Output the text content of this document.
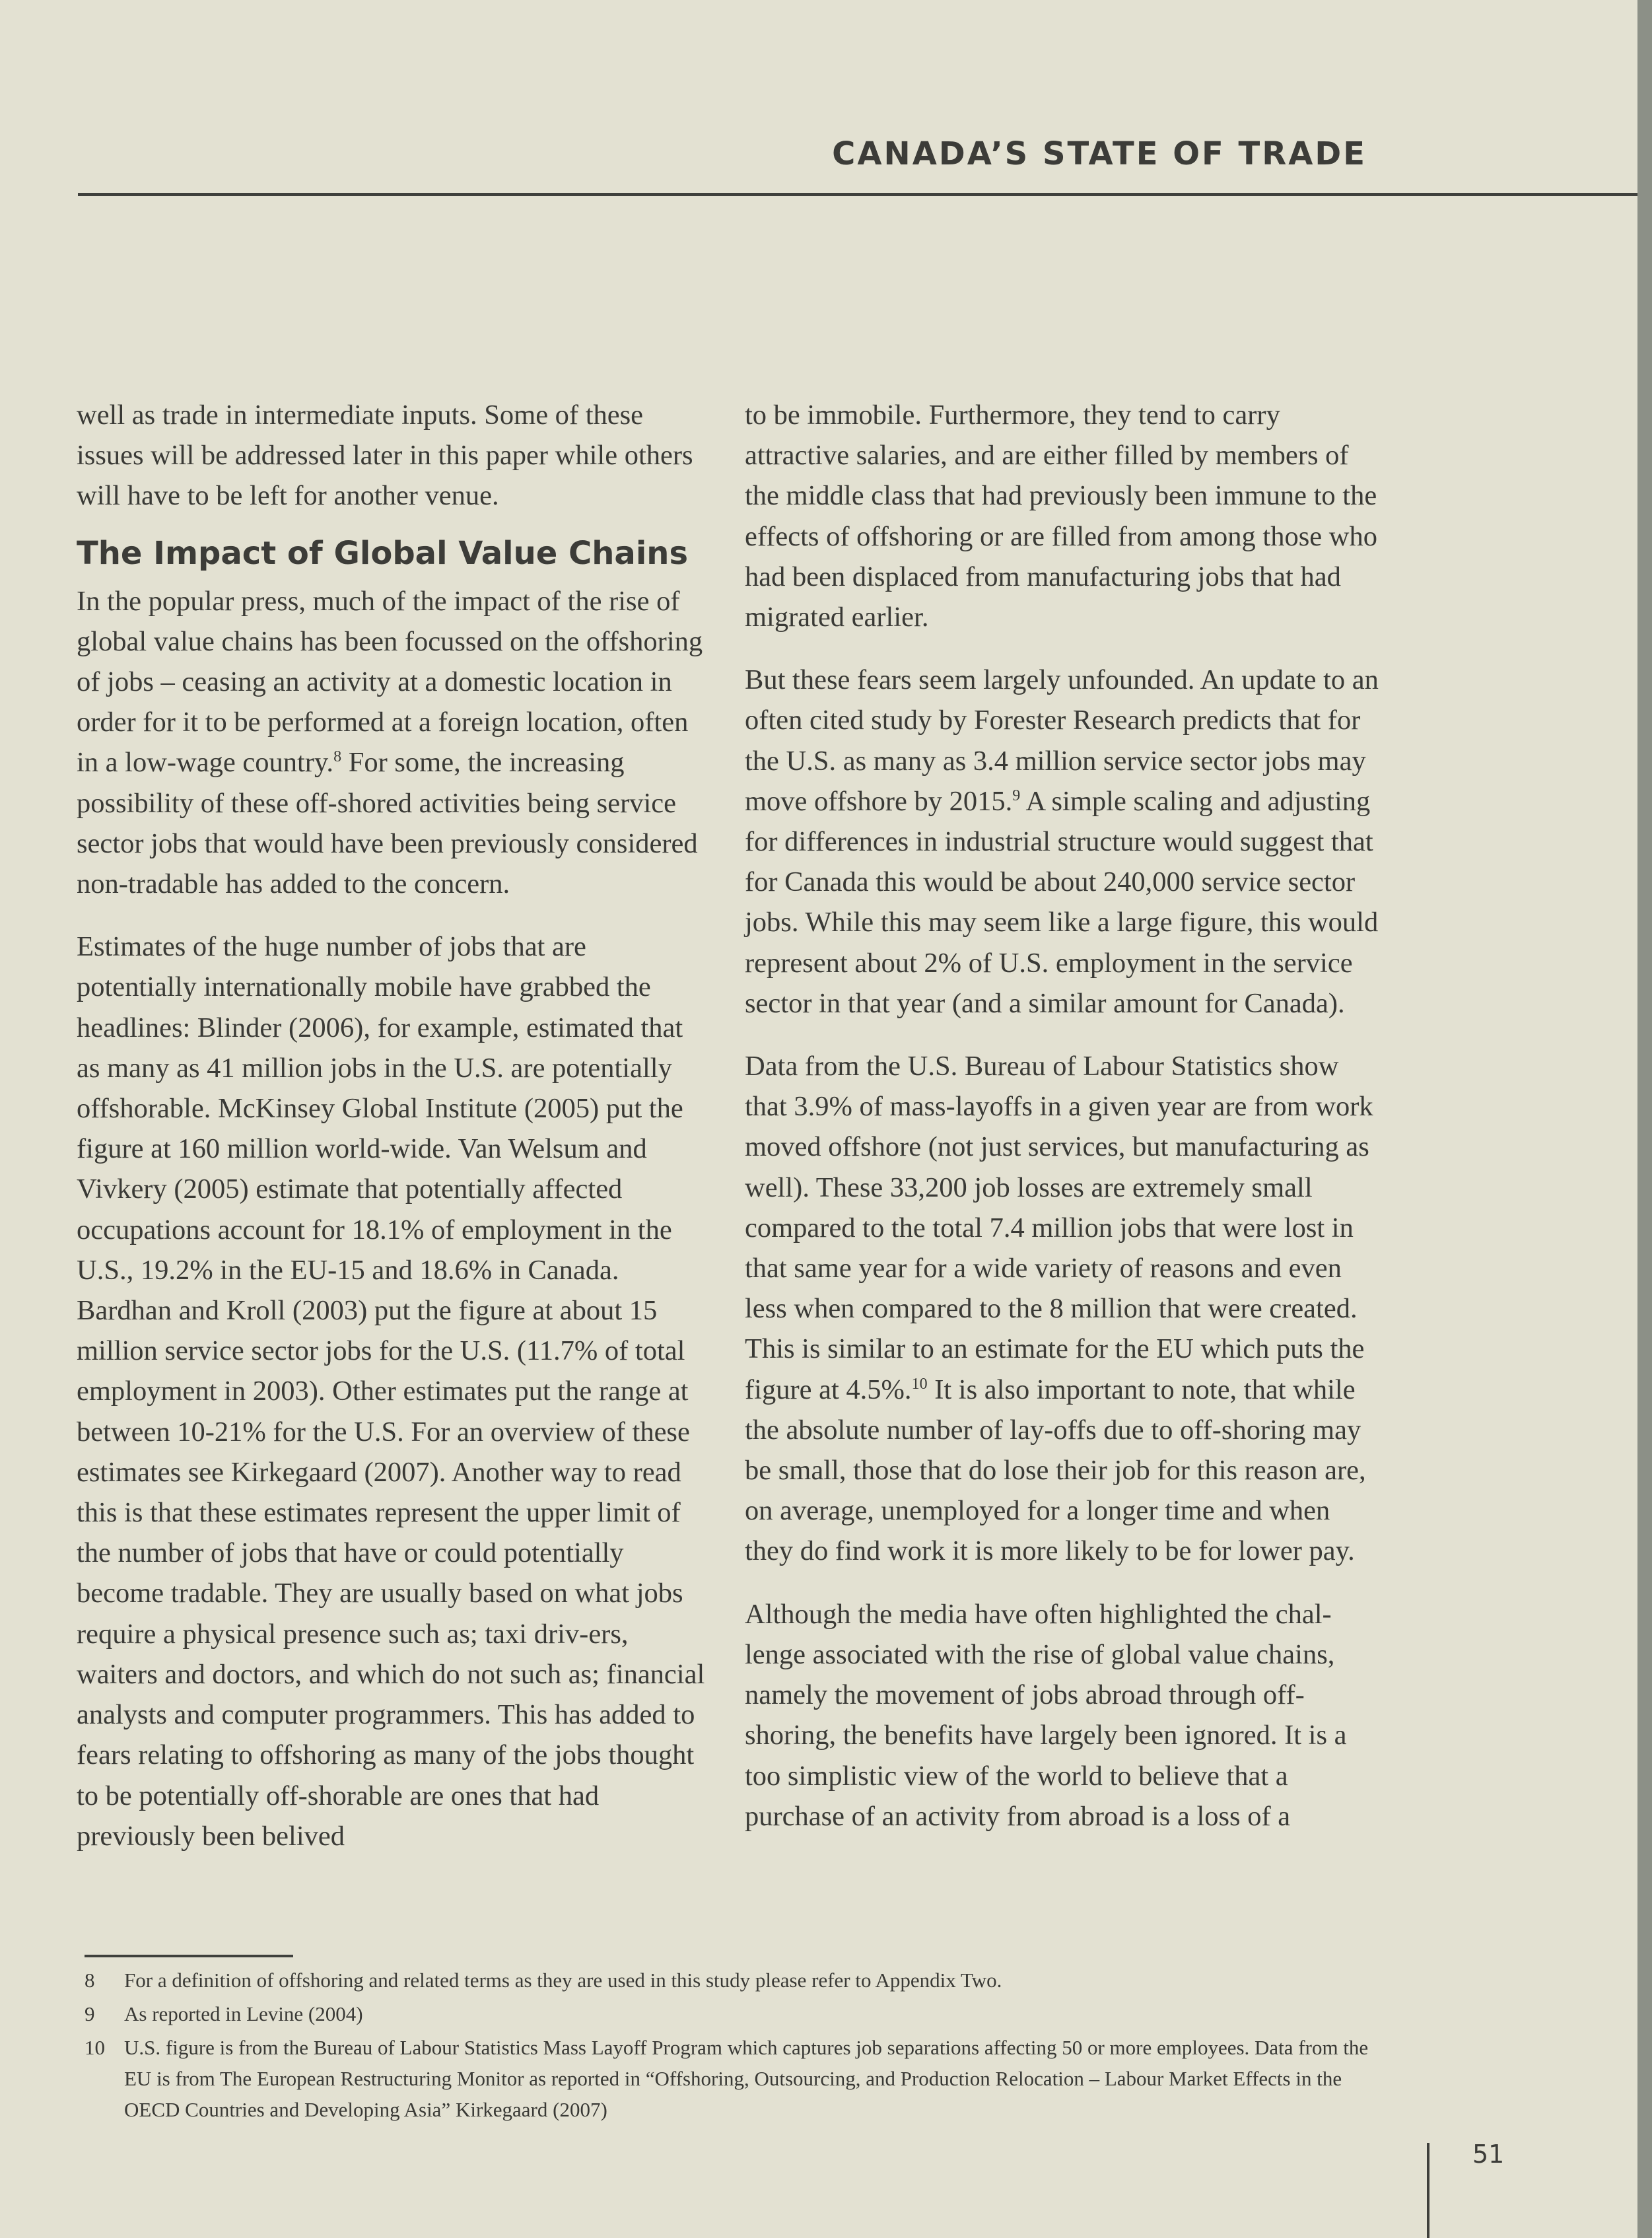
CANADA’S STATE OF TRADE

well as trade in intermediate inputs. Some of these issues will be addressed later in this paper while others will have to be left for another venue.

The Impact of Global Value Chains

In the popular press, much of the impact of the rise of global value chains has been focussed on the offshoring of jobs – ceasing an activity at a domestic location in order for it to be performed at a foreign location, often in a low-wage country.$^8$ For some, the increasing possibility of these off-shored activities being service sector jobs that would have been previously considered non-tradable has added to the concern.

Estimates of the huge number of jobs that are potentially internationally mobile have grabbed the headlines: Blinder (2006), for example, estimated that as many as 41 million jobs in the U.S. are potentially offshorable. McKinsey Global Institute (2005) put the figure at 160 million world-wide. Van Welsum and Vivkery (2005) estimate that potentially affected occupations account for 18.1% of employment in the U.S., 19.2% in the EU-15 and 18.6% in Canada. Bardhan and Kroll (2003) put the figure at about 15 million service sector jobs for the U.S. (11.7% of total employment in 2003). Other estimates put the range at between 10-21% for the U.S. For an overview of these estimates see Kirkegaard (2007). Another way to read this is that these estimates represent the upper limit of the number of jobs that have or could potentially become tradable. They are usually based on what jobs require a physical presence such as; taxi driv-ers, waiters and doctors, and which do not such as; financial analysts and computer programmers. This has added to fears relating to offshoring as many of the jobs thought to be potentially off-shorable are ones that had previously been belived

to be immobile. Furthermore, they tend to carry attractive salaries, and are either filled by members of the middle class that had previously been immune to the effects of offshoring or are filled from among those who had been displaced from manufacturing jobs that had migrated earlier.

But these fears seem largely unfounded. An update to an often cited study by Forester Research predicts that for the U.S. as many as 3.4 million service sector jobs may move offshore by 2015.$^9$ A simple scaling and adjusting for differences in industrial structure would suggest that for Canada this would be about 240,000 service sector jobs. While this may seem like a large figure, this would represent about 2% of U.S. employment in the service sector in that year (and a similar amount for Canada).

Data from the U.S. Bureau of Labour Statistics show that 3.9% of mass-layoffs in a given year are from work moved offshore (not just services, but manufacturing as well). These 33,200 job losses are extremely small compared to the total 7.4 million jobs that were lost in that same year for a wide variety of reasons and even less when compared to the 8 million that were created. This is similar to an estimate for the EU which puts the figure at 4.5%.$^{10}$ It is also important to note, that while the absolute number of lay-offs due to off-shoring may be small, those that do lose their job for this reason are, on average, unemployed for a longer time and when they do find work it is more likely to be for lower pay.

Although the media have often highlighted the chal-lenge associated with the rise of global value chains, namely the movement of jobs abroad through off-shoring, the benefits have largely been ignored. It is a too simplistic view of the world to believe that a purchase of an activity from abroad is a loss of a

8 For a definition of offshoring and related terms as they are used in this study please refer to Appendix Two.
9 As reported in Levine (2004)
10 U.S. figure is from the Bureau of Labour Statistics Mass Layoff Program which captures job separations affecting 50 or more employees. Data from the EU is from The European Restructuring Monitor as reported in “Offshoring, Outsourcing, and Production Relocation – Labour Market Effects in the OECD Countries and Developing Asia” Kirkegaard (2007)
51
